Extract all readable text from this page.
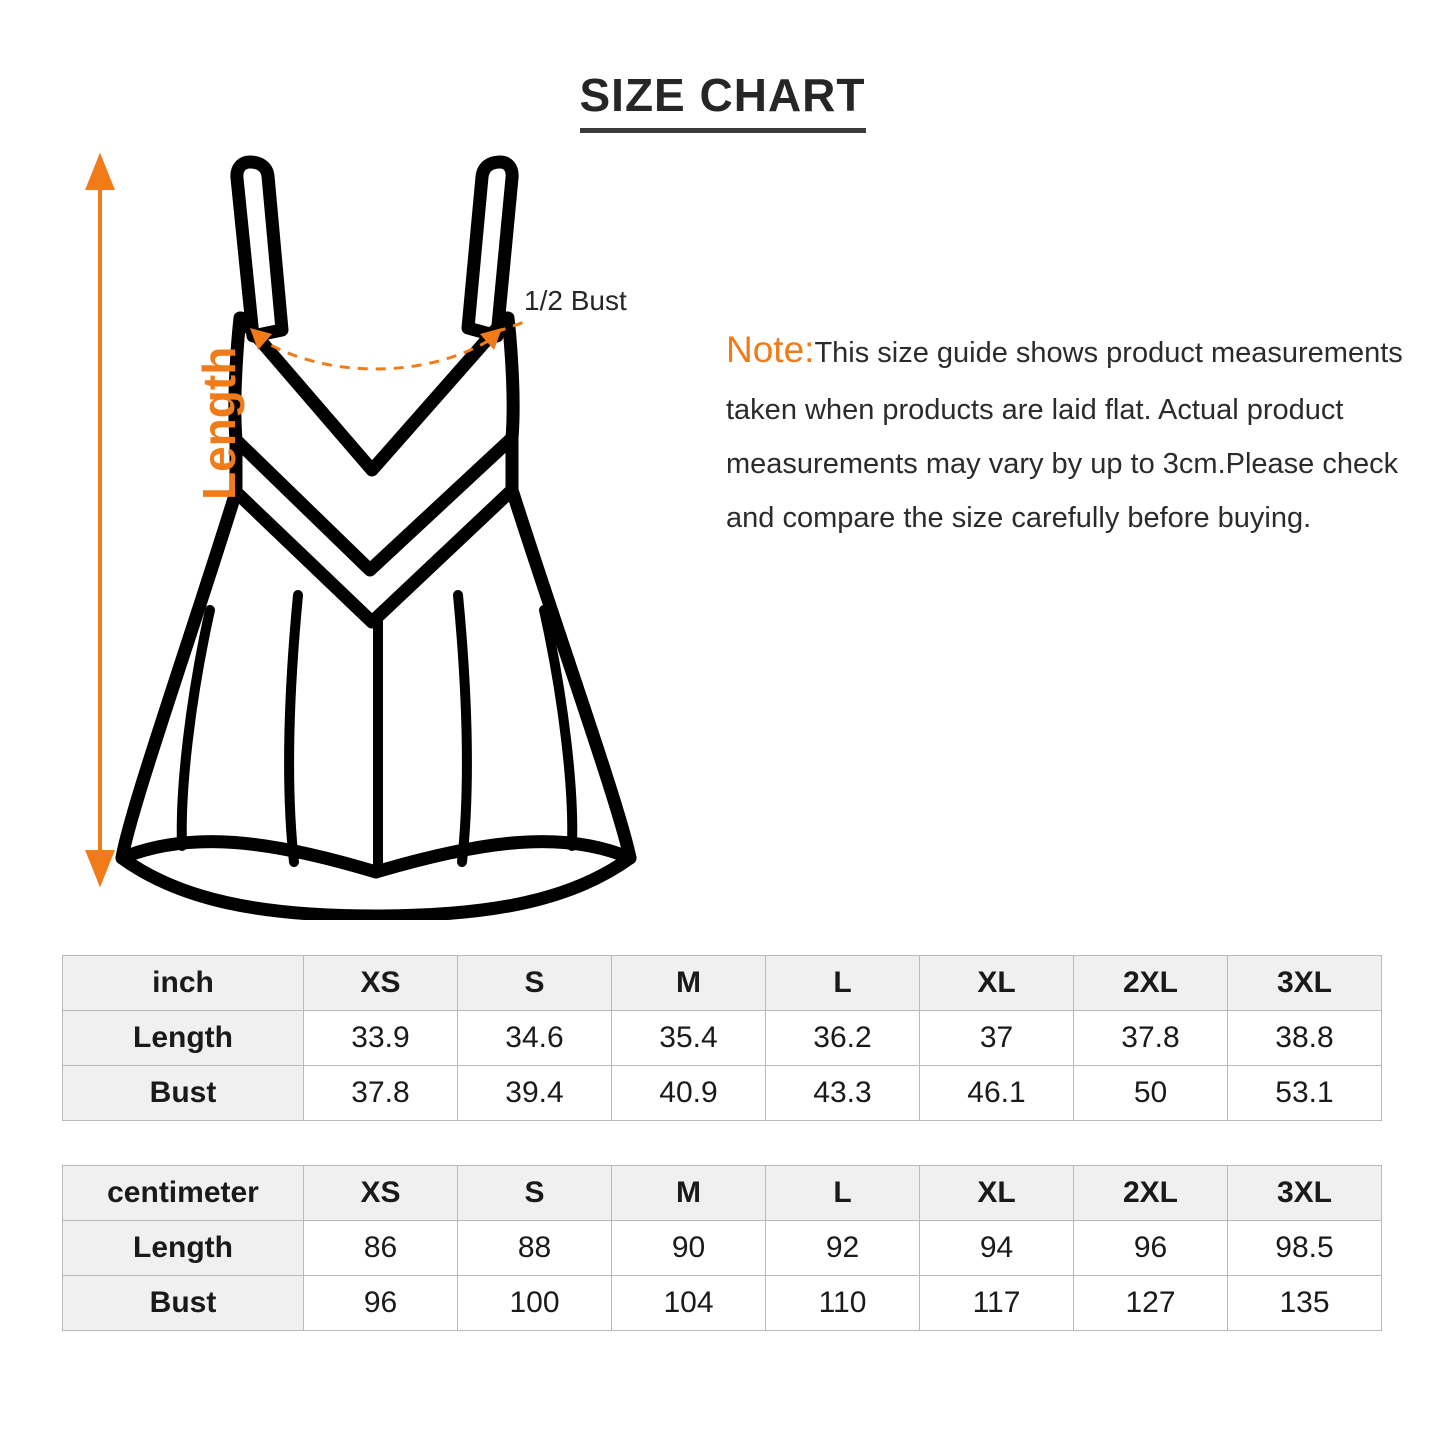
SIZE CHART
Length
1/2 Bust
Note:This size guide shows product measurements taken when products are laid flat. Actual product measurements may vary by up to 3cm.Please check and compare the size carefully before buying.
inch	XS	S	M	L	XL	2XL	3XL
Length	33.9	34.6	35.4	36.2	37	37.8	38.8
Bust	37.8	39.4	40.9	43.3	46.1	50	53.1
centimeter	XS	S	M	L	XL	2XL	3XL
Length	86	88	90	92	94	96	98.5
Bust	96	100	104	110	117	127	135
